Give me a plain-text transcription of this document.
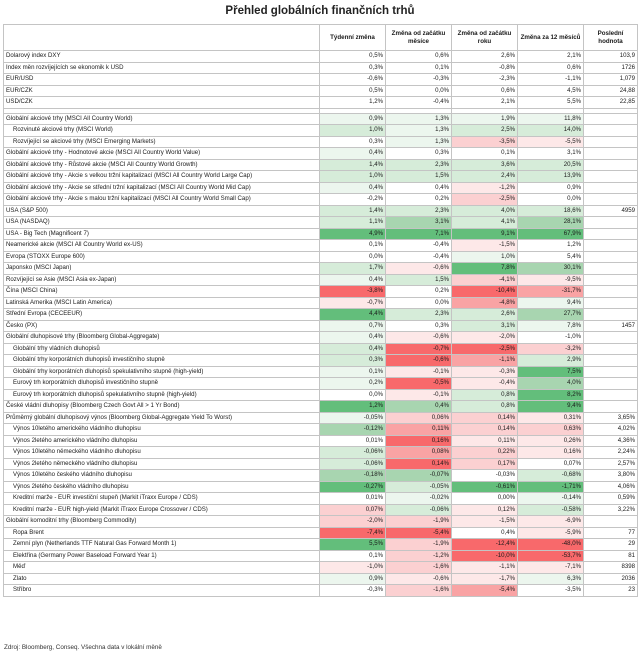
Přehled globálních finančních trhů
	Týdenní změna	Změna od začátku měsíce	Změna od začátku roku	Změna za 12 měsíců	Poslední hodnota
Dolarový index DXY	0,5%	0,6%	2,6%	2,1%	103,9
Index měn rozvíjejících se ekonomik k USD	0,3%	0,1%	-0,8%	0,6%	1726
EUR/USD	-0,6%	-0,3%	-2,3%	-1,1%	1,079
EUR/CZK	0,5%	0,0%	0,6%	4,5%	24,88
USD/CZK	1,2%	-0,4%	2,1%	5,5%	22,85

Globální akciové trhy (MSCI All Country World)	0,9%	1,3%	1,9%	11,8%	
Rozvinuté akciové trhy (MSCI World)	1,0%	1,3%	2,5%	14,0%	
Rozvíjející se akciové trhy (MSCI Emerging Markets)	0,3%	1,3%	-3,5%	-5,5%	
Globální akciové trhy - Hodnotové akcie (MSCI All Country World Value)	0,4%	0,3%	0,1%	3,1%	
Globální akciové trhy - Růstové akcie (MSCI All Country World Growth)	1,4%	2,3%	3,6%	20,5%	
Globální akciové trhy - Akcie s velkou tržní kapitalizací (MSCI All Country World Large Cap)	1,0%	1,5%	2,4%	13,9%	
Globální akciové trhy - Akcie se střední tržní kapitalizací (MSCI All Country World Mid Cap)	0,4%	0,4%	-1,2%	0,9%	
Globální akciové trhy - Akcie s malou tržní kapitalizací (MSCI All Country World Small Cap)	-0,2%	0,2%	-2,5%	0,0%	
USA (S&P 500)	1,4%	2,3%	4,0%	18,6%	4959
USA (NASDAQ)	1,1%	3,1%	4,1%	28,1%	
USA - Big Tech (Magnificent 7)	4,9%	7,1%	9,1%	67,9%	
Neamerické akcie (MSCI All Country World ex-US)	0,1%	-0,4%	-1,5%	1,2%	
Evropa (STOXX Europe 600)	0,0%	-0,4%	1,0%	5,4%	
Japonsko (MSCI Japan)	1,7%	-0,6%	7,8%	30,1%	
Rozvíjející se Asie (MSCI Asia ex-Japan)	0,4%	1,5%	-4,1%	-9,5%	
Čína (MSCI China)	-3,8%	0,2%	-10,4%	-31,7%	
Latinská Amerika (MSCI Latin America)	-0,7%	0,0%	-4,8%	9,4%	
Střední Evropa (CECEEUR)	4,4%	2,3%	2,6%	27,7%	
Česko (PX)	0,7%	0,3%	3,1%	7,8%	1457
Globální dluhopisové trhy (Bloomberg Global-Aggregate)	0,4%	-0,6%	-2,0%	-1,0%	
Globální trhy vládních dluhopisů	0,4%	-0,7%	-2,5%	-3,2%	
Globální trhy korporátních dluhopisů investičního stupně	0,3%	-0,6%	-1,1%	2,9%	
Globální trhy korporátních dluhopisů spekulativního stupně (high-yield)	0,1%	-0,1%	-0,3%	7,5%	
Eurový trh korporátních dluhopisů investičního stupně	0,2%	-0,5%	-0,4%	4,0%	
Eurový trh korporátních dluhopisů spekulativního stupně (high-yield)	0,0%	-0,1%	0,8%	8,2%	
České vládní dluhopisy (Bloomberg Czech Govt All > 1 Yr Bond)	1,2%	0,4%	0,8%	9,4%	
Průměrný globální dluhopisový výnos (Bloomberg Global-Aggregate Yield To Worst)	-0,05%	0,06%	0,14%	0,31%	3,65%
Výnos 10letého amerického vládního dluhopisu	-0,12%	0,11%	0,14%	0,63%	4,02%
Výnos 2letého amerického vládního dluhopisu	0,01%	0,16%	0,11%	0,26%	4,36%
Výnos 10letého německého vládního dluhopisu	-0,06%	0,08%	0,22%	0,16%	2,24%
Výnos 2letého německého vládního dluhopisu	-0,06%	0,14%	0,17%	0,07%	2,57%
Výnos 10letého českého vládního dluhopisu	-0,18%	-0,07%	-0,03%	-0,68%	3,80%
Výnos 2letého českého vládního dluhopisu	-0,27%	-0,05%	-0,61%	-1,71%	4,06%
Kreditní marže - EUR investiční stupeň (Markit iTraxx Europe / CDS)	0,01%	-0,02%	0,00%	-0,14%	0,59%
Kreditní marže - EUR high-yield (Markit iTraxx Europe Crossover / CDS)	0,07%	-0,06%	0,12%	-0,58%	3,22%
Globální komoditní trhy (Bloomberg Commodity)	-2,0%	-1,9%	-1,5%	-6,9%	
Ropa Brent	-7,4%	-5,4%	0,4%	-5,9%	77
Zemní plyn (Netherlands TTF Natural Gas Forward Month 1)	5,5%	-1,9%	-12,4%	-48,0%	29
Elektřina (Germany Power Baseload Forward Year 1)	0,1%	-1,2%	-10,0%	-53,7%	81
Měď	-1,0%	-1,6%	-1,1%	-7,1%	8398
Zlato	0,9%	-0,6%	-1,7%	6,3%	2036
Stříbro	-0,3%	-1,6%	-5,4%	-3,5%	23
Zdroj: Bloomberg, Conseq. Všechna data v lokální měně
